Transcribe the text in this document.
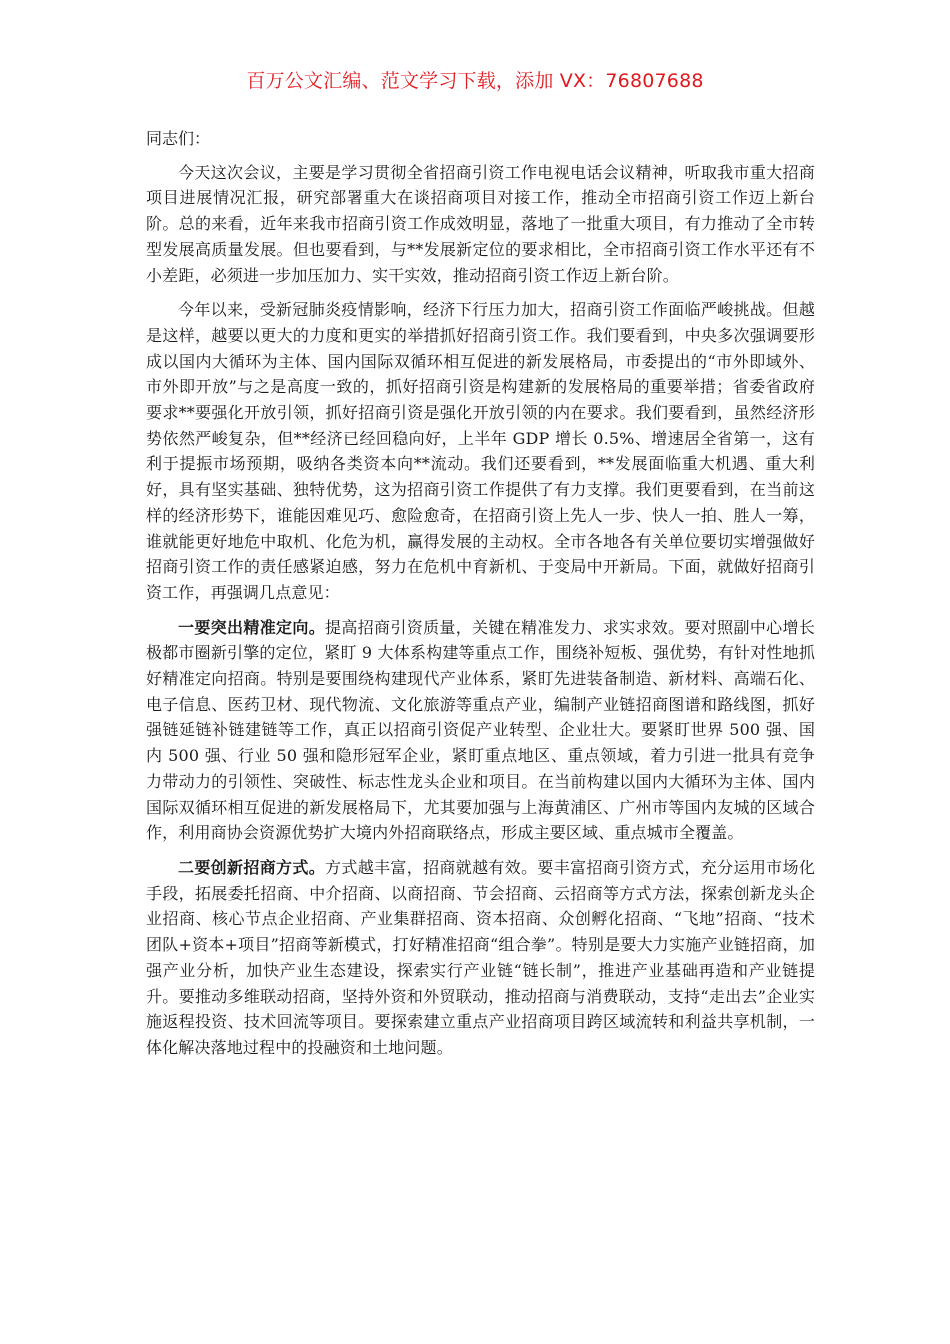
百万公文汇编、范文学习下载，添加 VX：76807688

同志们：

今天这次会议，主要是学习贯彻全省招商引资工作电视电话会议精神，听取我市重大招商项目进展情况汇报，研究部署重大在谈招商项目对接工作，推动全市招商引资工作迈上新台阶。总的来看，近年来我市招商引资工作成效明显，落地了一批重大项目，有力推动了全市转型发展高质量发展。但也要看到，与**发展新定位的要求相比，全市招商引资工作水平还有不小差距，必须进一步加压加力、实干实效，推动招商引资工作迈上新台阶。

今年以来，受新冠肺炎疫情影响，经济下行压力加大，招商引资工作面临严峻挑战。但越是这样，越要以更大的力度和更实的举措抓好招商引资工作。我们要看到，中央多次强调要形成以国内大循环为主体、国内国际双循环相互促进的新发展格局，市委提出的“市外即域外、市外即开放”与之是高度一致的，抓好招商引资是构建新的发展格局的重要举措；省委省政府要求**要强化开放引领，抓好招商引资是强化开放引领的内在要求。我们要看到，虽然经济形势依然严峻复杂，但**经济已经回稳向好，上半年 GDP 增长 0.5%、增速居全省第一，这有利于提振市场预期，吸纳各类资本向**流动。我们还要看到，**发展面临重大机遇、重大利好，具有坚实基础、独特优势，这为招商引资工作提供了有力支撑。我们更要看到，在当前这样的经济形势下，谁能因难见巧、愈险愈奇，在招商引资上先人一步、快人一拍、胜人一筹，谁就能更好地危中取机、化危为机，赢得发展的主动权。全市各地各有关单位要切实增强做好招商引资工作的责任感紧迫感，努力在危机中育新机、于变局中开新局。下面，就做好招商引资工作，再强调几点意见：

一要突出精准定向。提高招商引资质量，关键在精准发力、求实求效。要对照副中心增长极都市圈新引擎的定位，紧盯 9 大体系构建等重点工作，围绕补短板、强优势，有针对性地抓好精准定向招商。特别是要围绕构建现代产业体系，紧盯先进装备制造、新材料、高端石化、电子信息、医药卫材、现代物流、文化旅游等重点产业，编制产业链招商图谱和路线图，抓好强链延链补链建链等工作，真正以招商引资促产业转型、企业壮大。要紧盯世界 500 强、国内 500 强、行业 50 强和隐形冠军企业，紧盯重点地区、重点领域，着力引进一批具有竞争力带动力的引领性、突破性、标志性龙头企业和项目。在当前构建以国内大循环为主体、国内国际双循环相互促进的新发展格局下，尤其要加强与上海黄浦区、广州市等国内友城的区域合作，利用商协会资源优势扩大境内外招商联络点，形成主要区域、重点城市全覆盖。

二要创新招商方式。方式越丰富，招商就越有效。要丰富招商引资方式，充分运用市场化手段，拓展委托招商、中介招商、以商招商、节会招商、云招商等方式方法，探索创新龙头企业招商、核心节点企业招商、产业集群招商、资本招商、众创孵化招商、“飞地”招商、“技术团队+资本+项目”招商等新模式，打好精准招商“组合拳”。特别是要大力实施产业链招商，加强产业分析，加快产业生态建设，探索实行产业链“链长制”，推进产业基础再造和产业链提升。要推动多维联动招商，坚持外资和外贸联动，推动招商与消费联动，支持“走出去”企业实施返程投资、技术回流等项目。要探索建立重点产业招商项目跨区域流转和利益共享机制，一体化解决落地过程中的投融资和土地问题。
